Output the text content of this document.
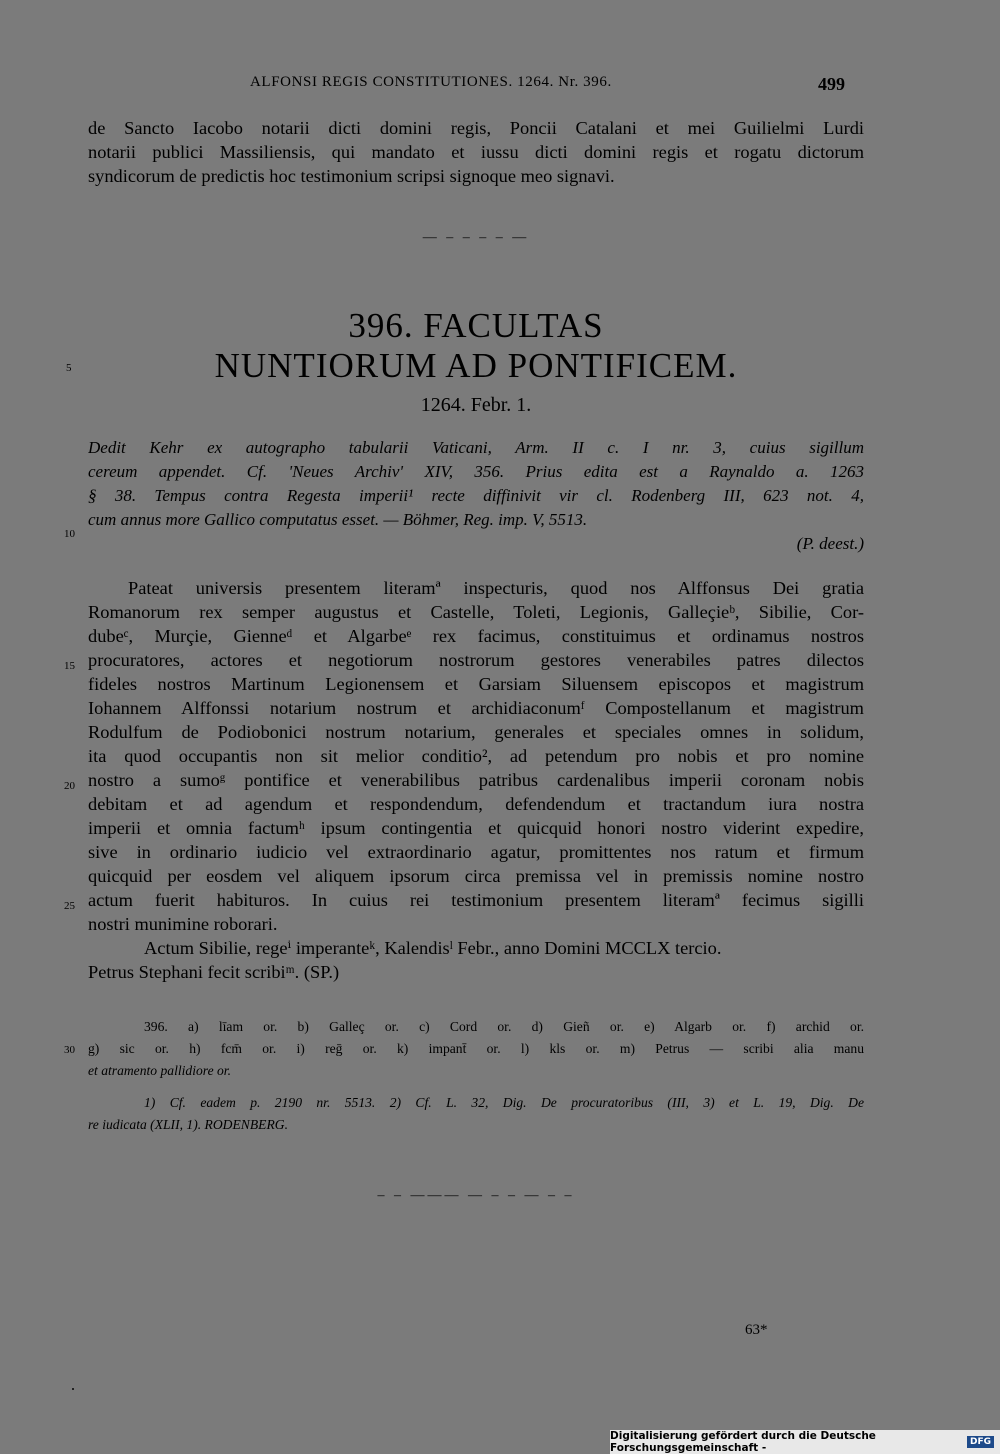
ALFONSI REGIS CONSTITUTIONES. 1264. Nr. 396.	499
de Sancto Iacobo notarii dicti domini regis, Poncii Catalani et mei Guilielmi Lurdi
notarii publici Massiliensis, qui mandato et iussu dicti domini regis et rogatu dictorum
syndicorum de predictis hoc testimonium scripsi signoque meo signavi.
— – – – – —
396. FACULTAS
NUNTIORUM AD PONTIFICEM.
1264. Febr. 1.
Dedit Kehr ex autographo tabularii Vaticani, Arm. II c. I nr. 3, cuius sigillum
cereum appendet. Cf. 'Neues Archiv' XIV, 356. Prius edita est a Raynaldo a. 1263
§ 38. Tempus contra Regesta imperii¹ recte diffinivit vir cl. Rodenberg III, 623 not. 4,
cum annus more Gallico computatus esset. — Böhmer, Reg. imp. V, 5513.
(P. deest.)
Pateat universis presentem literamª inspecturis, quod nos Alffonsus Dei gratia
Romanorum rex semper augustus et Castelle, Toleti, Legionis, Galleçieᵇ, Sibilie, Cor-
dubeᶜ, Murçie, Gienneᵈ et Algarbeᵉ rex facimus, constituimus et ordinamus nostros
procuratores, actores et negotiorum nostrorum gestores venerabiles patres dilectos
fideles nostros Martinum Legionensem et Garsiam Siluensem episcopos et magistrum
Iohannem Alffonssi notarium nostrum et archidiaconumᶠ Compostellanum et magistrum
Rodulfum de Podiobonici nostrum notarium, generales et speciales omnes in solidum,
ita quod occupantis non sit melior conditio², ad petendum pro nobis et pro nomine
nostro a sumoᵍ pontifice et venerabilibus patribus cardenalibus imperii coronam nobis
debitam et ad agendum et respondendum, defendendum et tractandum iura nostra
imperii et omnia factumʰ ipsum contingentia et quicquid honori nostro viderint expedire,
sive in ordinario iudicio vel extraordinario agatur, promittentes nos ratum et firmum
quicquid per eosdem vel aliquem ipsorum circa premissa vel in premissis nomine nostro
actum fuerit habituros. In cuius rei testimonium presentem literamª fecimus sigilli
nostri munimine roborari.
Actum Sibilie, regeⁱ imperanteᵏ, Kalendisˡ Febr., anno Domini MCCLX tercio.
Petrus Stephani fecit scribiᵐ. (SP.)
5
10
15
20
25
30
396. a) līam or. b) Galleç or. c) Cord or. d) Gieñ or. e) Algarb or. f) archid or.
g) sic or. h) fcm̄ or. i) reḡ or. k) impant̄ or. l) kls or. m) Petrus — scribi alia manu
et atramento pallidiore or.
1) Cf. eadem p. 2190 nr. 5513. 2) Cf. L. 32, Dig. De procuratoribus (III, 3) et L. 19, Dig. De
re iudicata (XLII, 1). RODENBERG.
– – ——— — – – — – –
63*
Digitalisierung gefördert durch die Deutsche Forschungsgemeinschaft -	DFG
